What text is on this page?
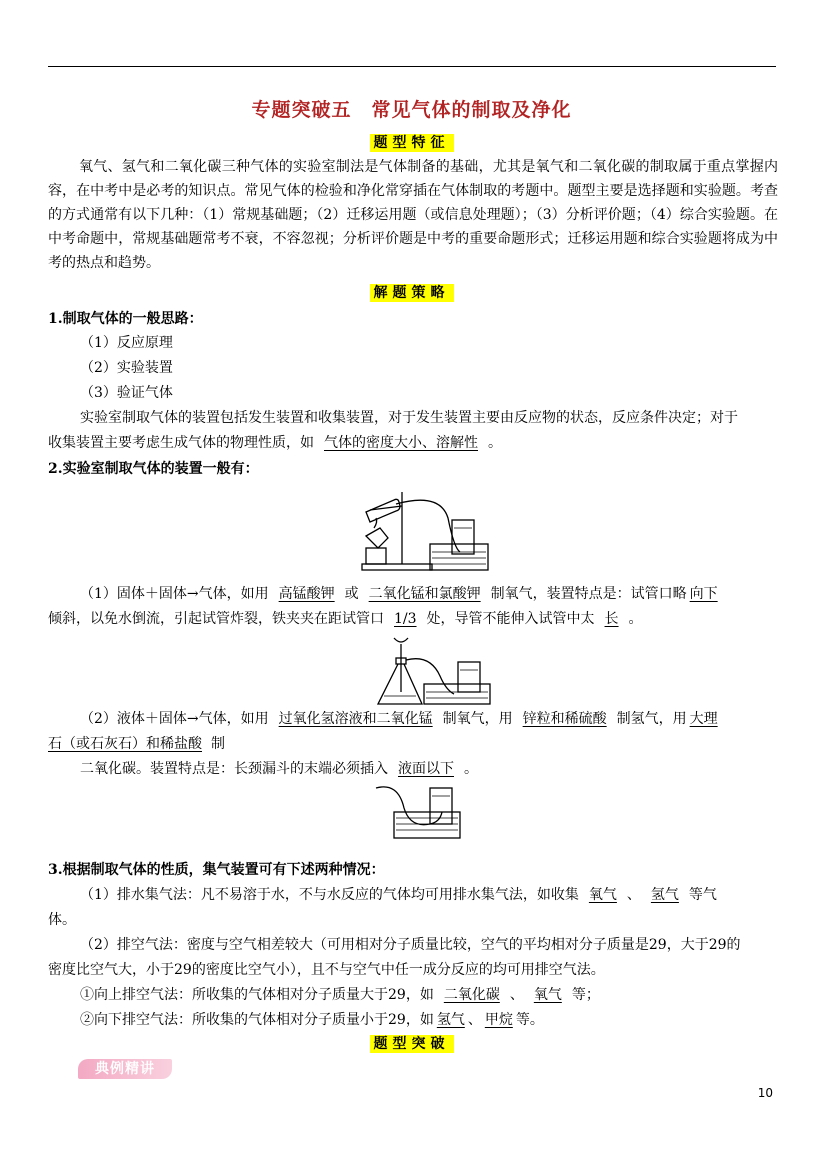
专题突破五　常见气体的制取及净化
题型特征
氧气、氢气和二氧化碳三种气体的实验室制法是气体制备的基础，尤其是氧气和二氧化碳的制取属于重点掌握内容，在中考中是必考的知识点。常见气体的检验和净化常穿插在气体制取的考题中。题型主要是选择题和实验题。考查的方式通常有以下几种：（1）常规基础题；（2）迁移运用题（或信息处理题）；（3）分析评价题；（4）综合实验题。在中考命题中，常规基础题常考不衰，不容忽视；分析评价题是中考的重要命题形式；迁移运用题和综合实验题将成为中考的热点和趋势。
解题策略
1.制取气体的一般思路：
（1）反应原理
（2）实验装置
（3）验证气体
实验室制取气体的装置包括发生装置和收集装置，对于发生装置主要由反应物的状态，反应条件决定；对于
收集装置主要考虑生成气体的物理性质，如 气体的密度大小、溶解性 。
2.实验室制取气体的装置一般有：
（1）固体＋固体→气体，如用 高锰酸钾 或 二氧化锰和氯酸钾 制氧气，装置特点是：试管口略 向下
倾斜，以免水倒流，引起试管炸裂，铁夹夹在距试管口 1/3 处，导管不能伸入试管中太 长 。
（2）液体＋固体→气体，如用 过氧化氢溶液和二氧化锰 制氧气，用 锌粒和稀硫酸 制氢气，用 大理
石（或石灰石）和稀盐酸 制
二氧化碳。装置特点是：长颈漏斗的末端必须插入 液面以下 。
3.根据制取气体的性质，集气装置可有下述两种情况：
（1）排水集气法：凡不易溶于水，不与水反应的气体均可用排水集气法，如收集 氧气 、 氢气 等气
体。
（2）排空气法：密度与空气相差较大（可用相对分子质量比较，空气的平均相对分子质量是29，大于29的
密度比空气大，小于29的密度比空气小），且不与空气中任一成分反应的均可用排空气法。
①向上排空气法：所收集的气体相对分子质量大于29，如 二氧化碳 、 氧气 等；
②向下排空气法：所收集的气体相对分子质量小于29，如 氢气 、 甲烷 等。
题型突破
典例精讲
10
